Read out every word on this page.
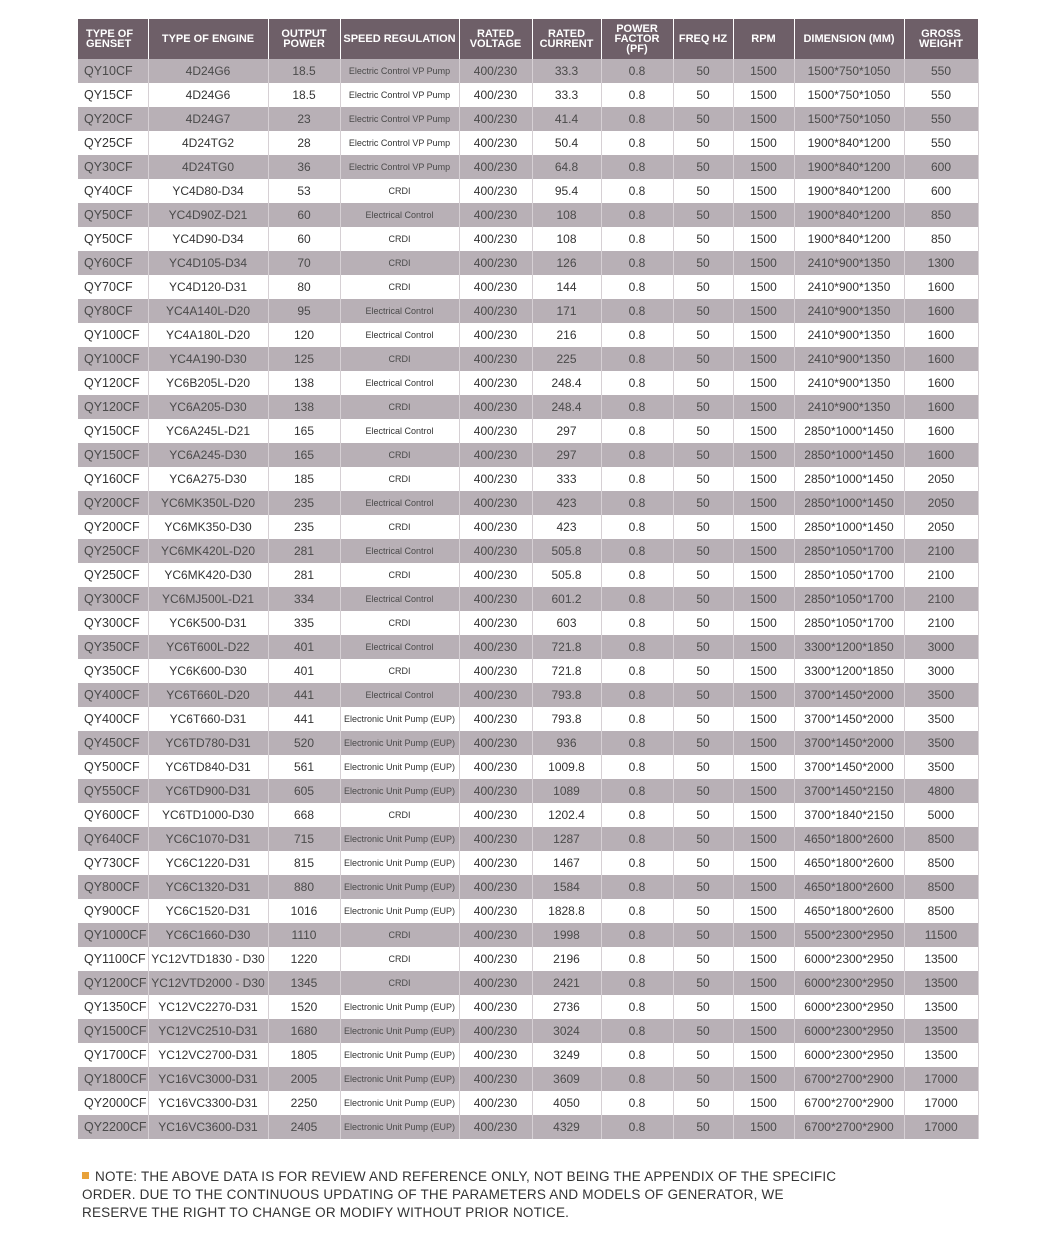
TYPE OF GENSET	TYPE OF ENGINE	OUTPUT POWER	SPEED REGULATION	RATED VOLTAGE	RATED CURRENT	POWER FACTOR (PF)	FREQ HZ	RPM	DIMENSION (MM)	GROSS WEIGHT
QY10CF	4D24G6	18.5	Electric Control VP Pump	400/230	33.3	0.8	50	1500	1500*750*1050	550
QY15CF	4D24G6	18.5	Electric Control VP Pump	400/230	33.3	0.8	50	1500	1500*750*1050	550
QY20CF	4D24G7	23	Electric Control VP Pump	400/230	41.4	0.8	50	1500	1500*750*1050	550
QY25CF	4D24TG2	28	Electric Control VP Pump	400/230	50.4	0.8	50	1500	1900*840*1200	550
QY30CF	4D24TG0	36	Electric Control VP Pump	400/230	64.8	0.8	50	1500	1900*840*1200	600
QY40CF	YC4D80-D34	53	CRDI	400/230	95.4	0.8	50	1500	1900*840*1200	600
QY50CF	YC4D90Z-D21	60	Electrical Control	400/230	108	0.8	50	1500	1900*840*1200	850
QY50CF	YC4D90-D34	60	CRDI	400/230	108	0.8	50	1500	1900*840*1200	850
QY60CF	YC4D105-D34	70	CRDI	400/230	126	0.8	50	1500	2410*900*1350	1300
QY70CF	YC4D120-D31	80	CRDI	400/230	144	0.8	50	1500	2410*900*1350	1600
QY80CF	YC4A140L-D20	95	Electrical Control	400/230	171	0.8	50	1500	2410*900*1350	1600
QY100CF	YC4A180L-D20	120	Electrical Control	400/230	216	0.8	50	1500	2410*900*1350	1600
QY100CF	YC4A190-D30	125	CRDI	400/230	225	0.8	50	1500	2410*900*1350	1600
QY120CF	YC6B205L-D20	138	Electrical Control	400/230	248.4	0.8	50	1500	2410*900*1350	1600
QY120CF	YC6A205-D30	138	CRDI	400/230	248.4	0.8	50	1500	2410*900*1350	1600
QY150CF	YC6A245L-D21	165	Electrical Control	400/230	297	0.8	50	1500	2850*1000*1450	1600
QY150CF	YC6A245-D30	165	CRDI	400/230	297	0.8	50	1500	2850*1000*1450	1600
QY160CF	YC6A275-D30	185	CRDI	400/230	333	0.8	50	1500	2850*1000*1450	2050
QY200CF	YC6MK350L-D20	235	Electrical Control	400/230	423	0.8	50	1500	2850*1000*1450	2050
QY200CF	YC6MK350-D30	235	CRDI	400/230	423	0.8	50	1500	2850*1000*1450	2050
QY250CF	YC6MK420L-D20	281	Electrical Control	400/230	505.8	0.8	50	1500	2850*1050*1700	2100
QY250CF	YC6MK420-D30	281	CRDI	400/230	505.8	0.8	50	1500	2850*1050*1700	2100
QY300CF	YC6MJ500L-D21	334	Electrical Control	400/230	601.2	0.8	50	1500	2850*1050*1700	2100
QY300CF	YC6K500-D31	335	CRDI	400/230	603	0.8	50	1500	2850*1050*1700	2100
QY350CF	YC6T600L-D22	401	Electrical Control	400/230	721.8	0.8	50	1500	3300*1200*1850	3000
QY350CF	YC6K600-D30	401	CRDI	400/230	721.8	0.8	50	1500	3300*1200*1850	3000
QY400CF	YC6T660L-D20	441	Electrical Control	400/230	793.8	0.8	50	1500	3700*1450*2000	3500
QY400CF	YC6T660-D31	441	Electronic Unit Pump (EUP)	400/230	793.8	0.8	50	1500	3700*1450*2000	3500
QY450CF	YC6TD780-D31	520	Electronic Unit Pump (EUP)	400/230	936	0.8	50	1500	3700*1450*2000	3500
QY500CF	YC6TD840-D31	561	Electronic Unit Pump (EUP)	400/230	1009.8	0.8	50	1500	3700*1450*2000	3500
QY550CF	YC6TD900-D31	605	Electronic Unit Pump (EUP)	400/230	1089	0.8	50	1500	3700*1450*2150	4800
QY600CF	YC6TD1000-D30	668	CRDI	400/230	1202.4	0.8	50	1500	3700*1840*2150	5000
QY640CF	YC6C1070-D31	715	Electronic Unit Pump (EUP)	400/230	1287	0.8	50	1500	4650*1800*2600	8500
QY730CF	YC6C1220-D31	815	Electronic Unit Pump (EUP)	400/230	1467	0.8	50	1500	4650*1800*2600	8500
QY800CF	YC6C1320-D31	880	Electronic Unit Pump (EUP)	400/230	1584	0.8	50	1500	4650*1800*2600	8500
QY900CF	YC6C1520-D31	1016	Electronic Unit Pump (EUP)	400/230	1828.8	0.8	50	1500	4650*1800*2600	8500
QY1000CF	YC6C1660-D30	1110	CRDI	400/230	1998	0.8	50	1500	5500*2300*2950	11500
QY1100CF	YC12VTD1830 - D30	1220	CRDI	400/230	2196	0.8	50	1500	6000*2300*2950	13500
QY1200CF	YC12VTD2000 - D30	1345	CRDI	400/230	2421	0.8	50	1500	6000*2300*2950	13500
QY1350CF	YC12VC2270-D31	1520	Electronic Unit Pump (EUP)	400/230	2736	0.8	50	1500	6000*2300*2950	13500
QY1500CF	YC12VC2510-D31	1680	Electronic Unit Pump (EUP)	400/230	3024	0.8	50	1500	6000*2300*2950	13500
QY1700CF	YC12VC2700-D31	1805	Electronic Unit Pump (EUP)	400/230	3249	0.8	50	1500	6000*2300*2950	13500
QY1800CF	YC16VC3000-D31	2005	Electronic Unit Pump (EUP)	400/230	3609	0.8	50	1500	6700*2700*2900	17000
QY2000CF	YC16VC3300-D31	2250	Electronic Unit Pump (EUP)	400/230	4050	0.8	50	1500	6700*2700*2900	17000
QY2200CF	YC16VC3600-D31	2405	Electronic Unit Pump (EUP)	400/230	4329	0.8	50	1500	6700*2700*2900	17000
NOTE: THE ABOVE DATA IS FOR REVIEW AND REFERENCE ONLY, NOT BEING THE APPENDIX OF THE SPECIFIC ORDER. DUE TO THE CONTINUOUS UPDATING OF THE PARAMETERS AND MODELS OF GENERATOR, WE RESERVE THE RIGHT TO CHANGE OR MODIFY WITHOUT PRIOR NOTICE.
